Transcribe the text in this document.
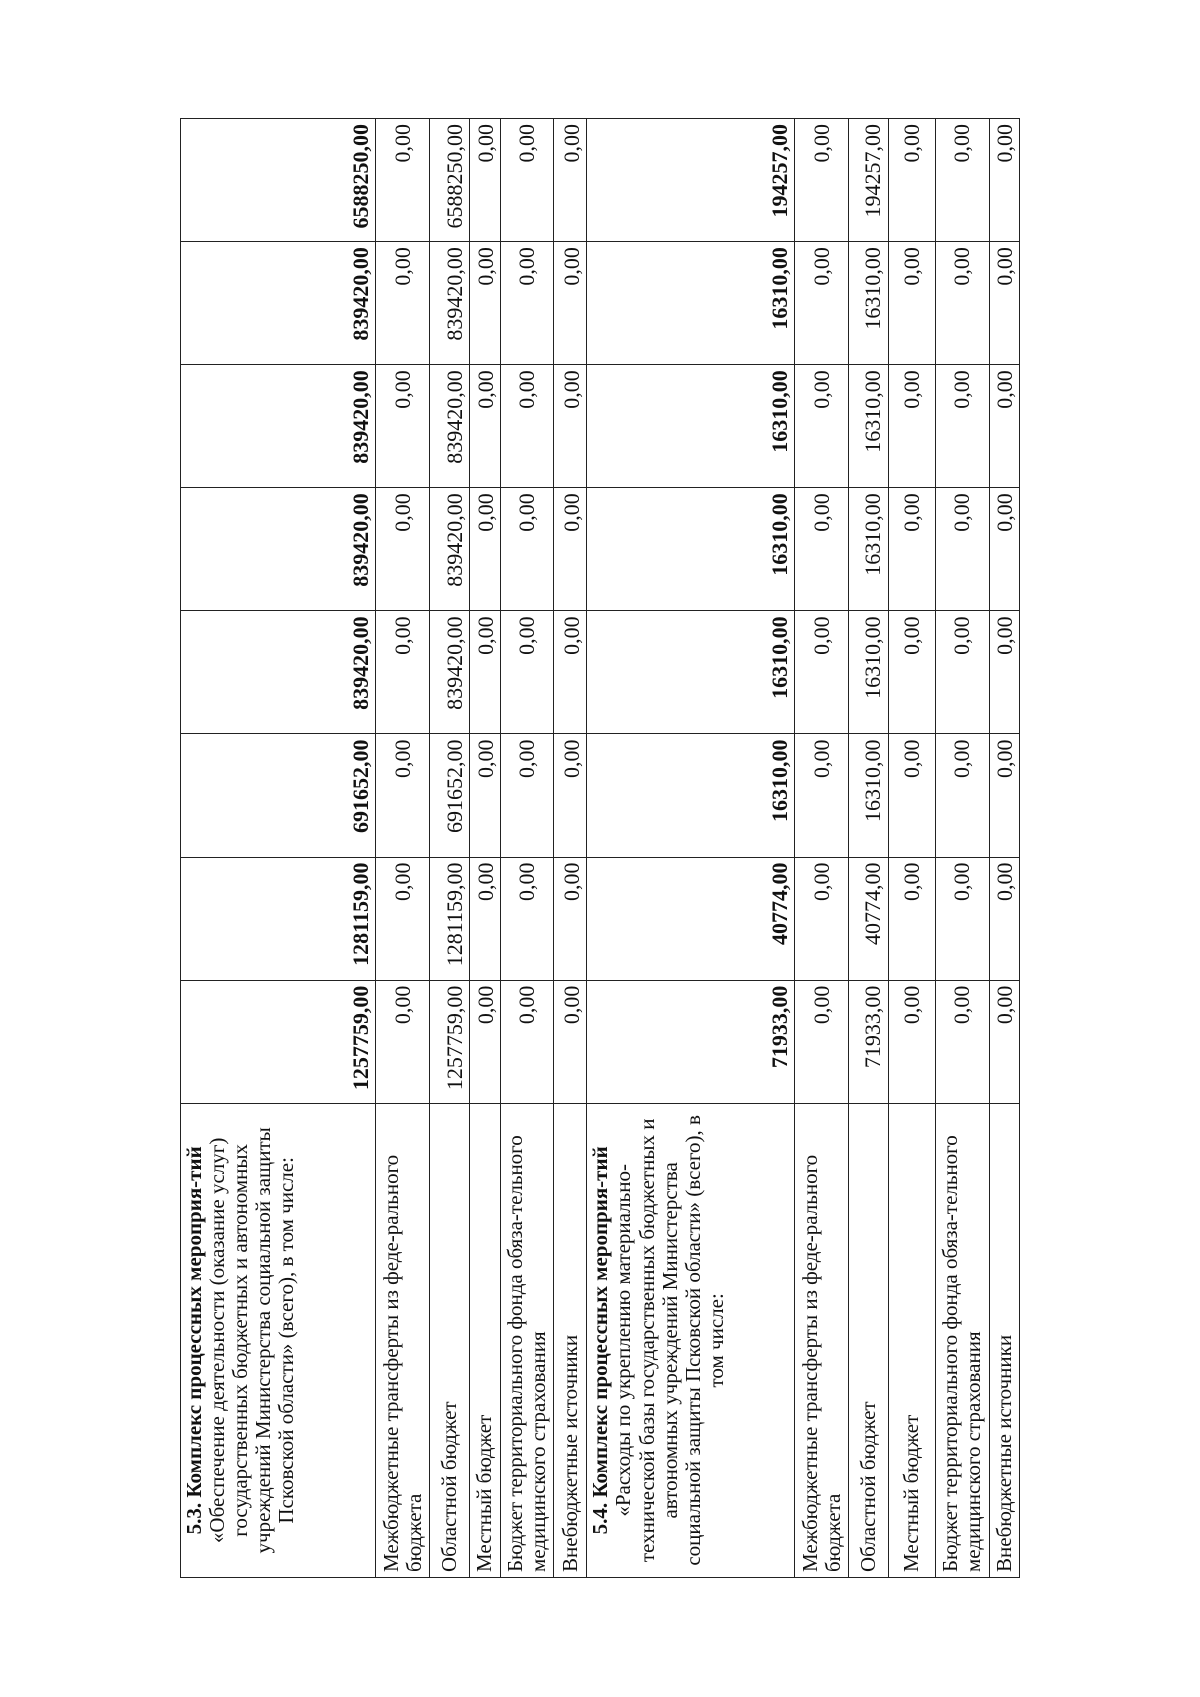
5.3. Комплекс процессных мероприя-тий «Обеспечение деятельности (оказание услуг) государственных бюджетных и автономных учреждений Министерства социальной защиты Псковской области» (всего), в том числе:	1257759,00	1281159,00	691652,00	839420,00	839420,00	839420,00	839420,00	6588250,00
Межбюджетные трансферты из феде-рального бюджета	0,00	0,00	0,00	0,00	0,00	0,00	0,00	0,00
Областной бюджет	1257759,00	1281159,00	691652,00	839420,00	839420,00	839420,00	839420,00	6588250,00
Местный бюджет	0,00	0,00	0,00	0,00	0,00	0,00	0,00	0,00
Бюджет территориального фонда обяза-тельного медицинского страхования	0,00	0,00	0,00	0,00	0,00	0,00	0,00	0,00
Внебюджетные источники	0,00	0,00	0,00	0,00	0,00	0,00	0,00	0,00

5.4. Комплекс процессных мероприя-тий «Расходы по укреплению материально-технической базы государственных бюджетных и автономных учреждений Министерства социальной защиты Псковской области» (всего), в том числе:	71933,00	40774,00	16310,00	16310,00	16310,00	16310,00	16310,00	194257,00
Межбюджетные трансферты из феде-рального бюджета	0,00	0,00	0,00	0,00	0,00	0,00	0,00	0,00
Областной бюджет	71933,00	40774,00	16310,00	16310,00	16310,00	16310,00	16310,00	194257,00
Местный бюджет	0,00	0,00	0,00	0,00	0,00	0,00	0,00	0,00
Бюджет территориального фонда обяза-тельного медицинского страхования	0,00	0,00	0,00	0,00	0,00	0,00	0,00	0,00
Внебюджетные источники	0,00	0,00	0,00	0,00	0,00	0,00	0,00	0,00
